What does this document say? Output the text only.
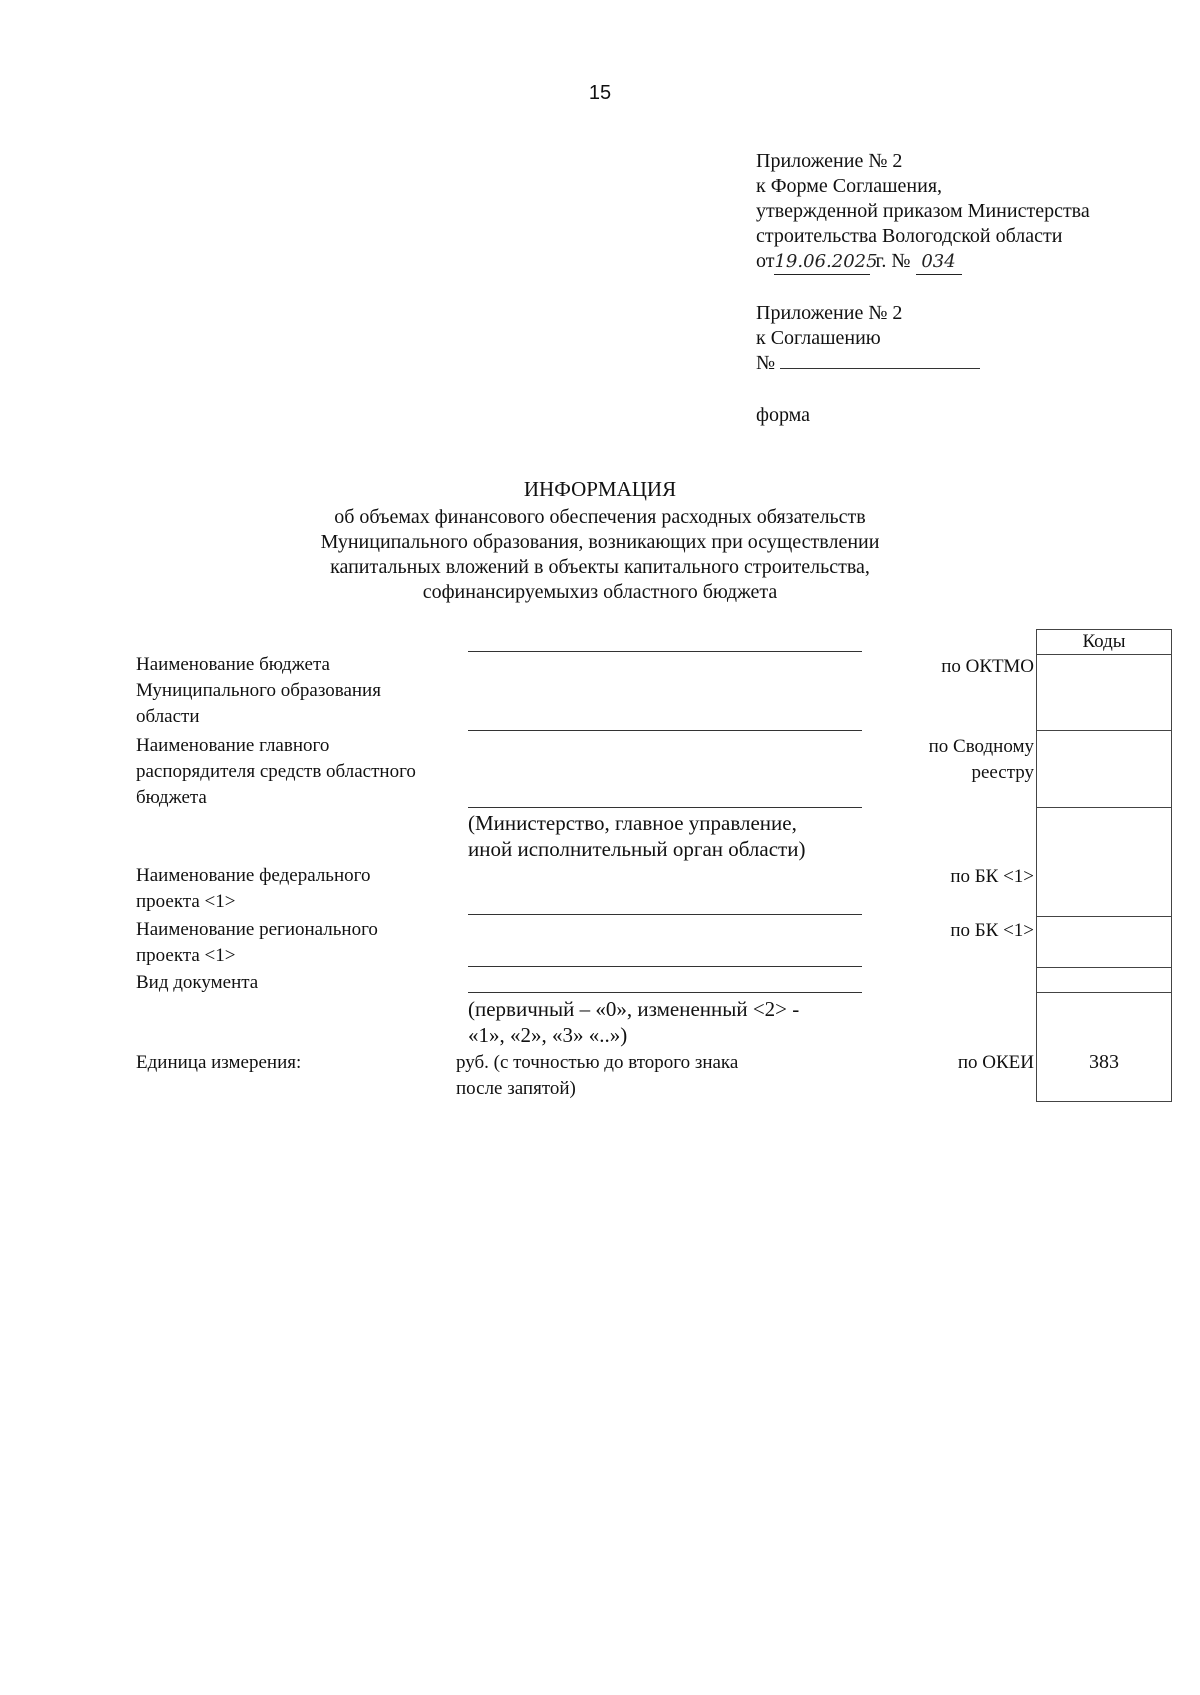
15
Приложение № 2
к Форме Соглашения,
утвержденной приказом Министерства
строительства Вологодской области
от19.06.2025 г. № 034
Приложение № 2
к Соглашению
№
форма
ИНФОРМАЦИЯ
об объемах финансового обеспечения расходных обязательств
Муниципального образования, возникающих при осуществлении
капитальных вложений в объекты капитального строительства,
софинансируемыхиз областного бюджета
Коды
383
Наименование бюджета
Муниципального образования
области
по ОКТМО
Наименование главного
распорядителя средств областного
бюджета
по Сводному
реестру
(Министерство, главное управление,
иной исполнительный орган области)
Наименование федерального
проекта <1>
по БК <1>
Наименование регионального
проекта <1>
по БК <1>
Вид документа
(первичный – «0», измененный <2> -
«1», «2», «3» «..»)
Единица измерения:	руб. (с точностью до второго знака
после запятой)
по ОКЕИ
